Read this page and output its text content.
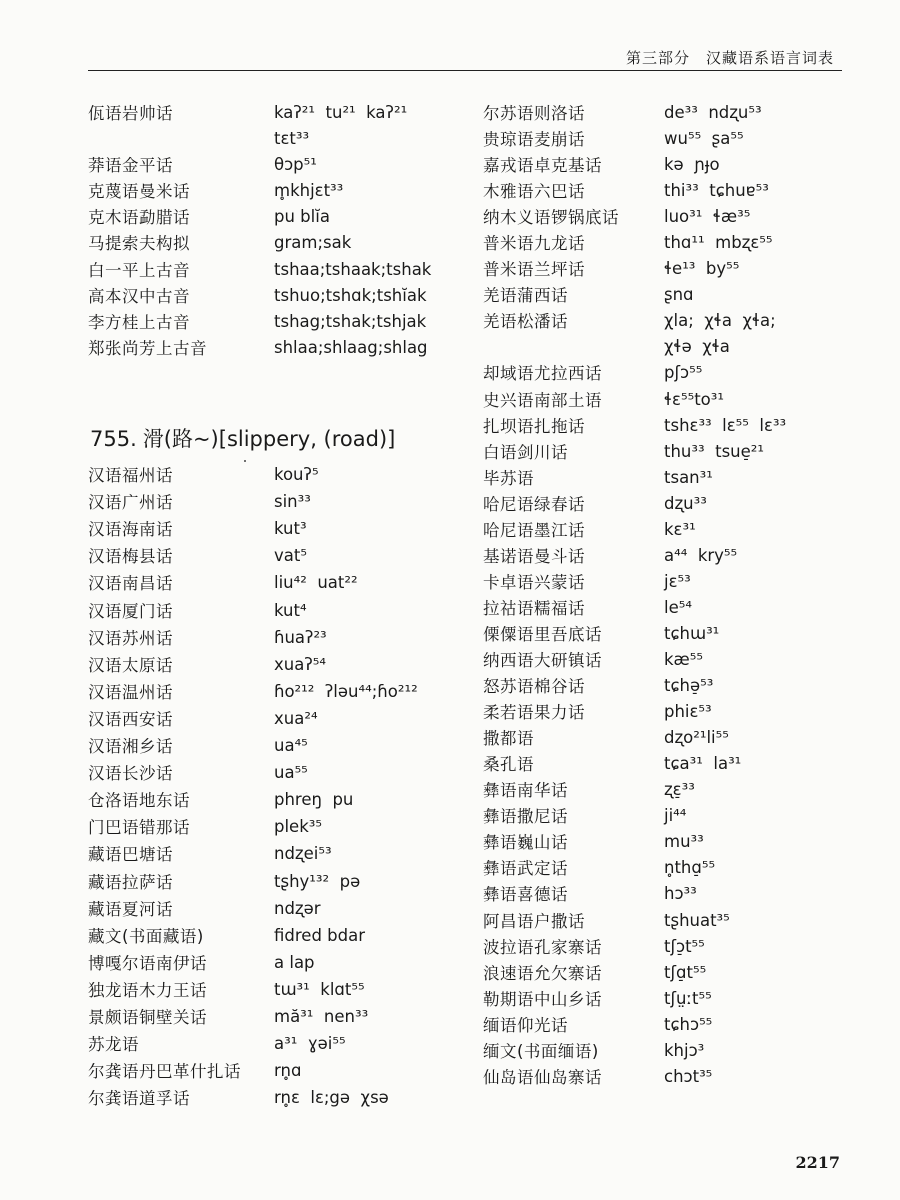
第三部分　汉藏语系语言词表
佤语岩帅话	kaʔ²¹  tu²¹  kaʔ²¹
tɛt³³
莽语金平话	θɔp⁵¹
克蔑语曼米话	m̥khjɛt³³
克木语勐腊话	pu blĭa
马提索夫构拟	gram;sak
白一平上古音	tshaa;tshaak;tshak
高本汉中古音	tshuo;tshɑk;tshĭak
李方桂上古音	tshag;tshak;tshjak
郑张尚芳上古音	shlaa;shlaag;shlag
汉语福州话	kouʔ⁵
汉语广州话	sin³³
汉语海南话	kut³
汉语梅县话	vat⁵
汉语南昌话	liu⁴²  uat²²
汉语厦门话	kut⁴
汉语苏州话	ɦuaʔ²³
汉语太原话	xuaʔ⁵⁴
汉语温州话	ɦo²¹²  ʔləu⁴⁴;ɦo²¹²
汉语西安话	xua²⁴
汉语湘乡话	ua⁴⁵
汉语长沙话	ua⁵⁵
仓洛语地东话	phreŋ  pu
门巴语错那话	plek³⁵
藏语巴塘话	ndʐei⁵³
藏语拉萨话	tʂhy¹³²  pə
藏语夏河话	ndʐər
藏文(书面藏语)	fidred bdar
博嘎尔语南伊话	a lap
独龙语木力王话	tɯ³¹  klɑt⁵⁵
景颇语铜壁关话	mă³¹  nen³³
苏龙语	a³¹  ɣəi⁵⁵
尔龚语丹巴革什扎话 rn̥ɑ
尔龚语道孚话	rn̥ɛ  lɛ;gə  χsə
755. 滑(路~)[slippery, (road)]
尔苏语则洛话	de³³  ndʐu⁵³
贵琼语麦崩话	wu⁵⁵  ʂa⁵⁵
嘉戎语卓克基话	kə  ɲɟo
木雅语六巴话	thi³³  tɕhuɐ⁵³
纳木义语锣锅底话	luo³¹  ɬæ³⁵
普米语九龙话	thɑ¹¹  mbʐɛ⁵⁵
普米语兰坪话	ɬe¹³  by⁵⁵
羌语蒲西话	ʂnɑ
羌语松潘话	χla;  χɬa  χɬa;
χɬə  χɬa
却域语尤拉西话	pʃɔ⁵⁵
史兴语南部土语	ɬɛ⁵⁵to³¹
扎坝语扎拖话	tshɛ³³  lɛ⁵⁵  lɛ³³
白语剑川话	thu³³  tsue̠²¹
毕苏语	tsan³¹
哈尼语绿春话	dʐu³³
哈尼语墨江话	kɛ³¹
基诺语曼斗话	a⁴⁴  kry⁵⁵
卡卓语兴蒙话	jɛ⁵³
拉祜语糯福话	le⁵⁴
傈僳语里吾底话	tɕhɯ³¹
纳西语大研镇话	kæ⁵⁵
怒苏语棉谷话	tɕhə̠⁵³
柔若语果力话	phiɛ⁵³
撒都语	dʐo²¹li⁵⁵
桑孔语	tɕa³¹  la³¹
彝语南华话	ʐɛ̠³³
彝语撒尼话	ji⁴⁴
彝语巍山话	mu³³
彝语武定话	n̥thɑ̠⁵⁵
彝语喜德话	hɔ³³
阿昌语户撒话	tʂhuat³⁵
波拉语孔家寨话	tʃɔ̠t⁵⁵
浪速语允欠寨话	tʃɑ̠t⁵⁵
勒期语中山乡话	tʃṳːt⁵⁵
缅语仰光话	tɕhɔ⁵⁵
缅文(书面缅语)	khjɔ³
仙岛语仙岛寨话	chɔt³⁵
2217
